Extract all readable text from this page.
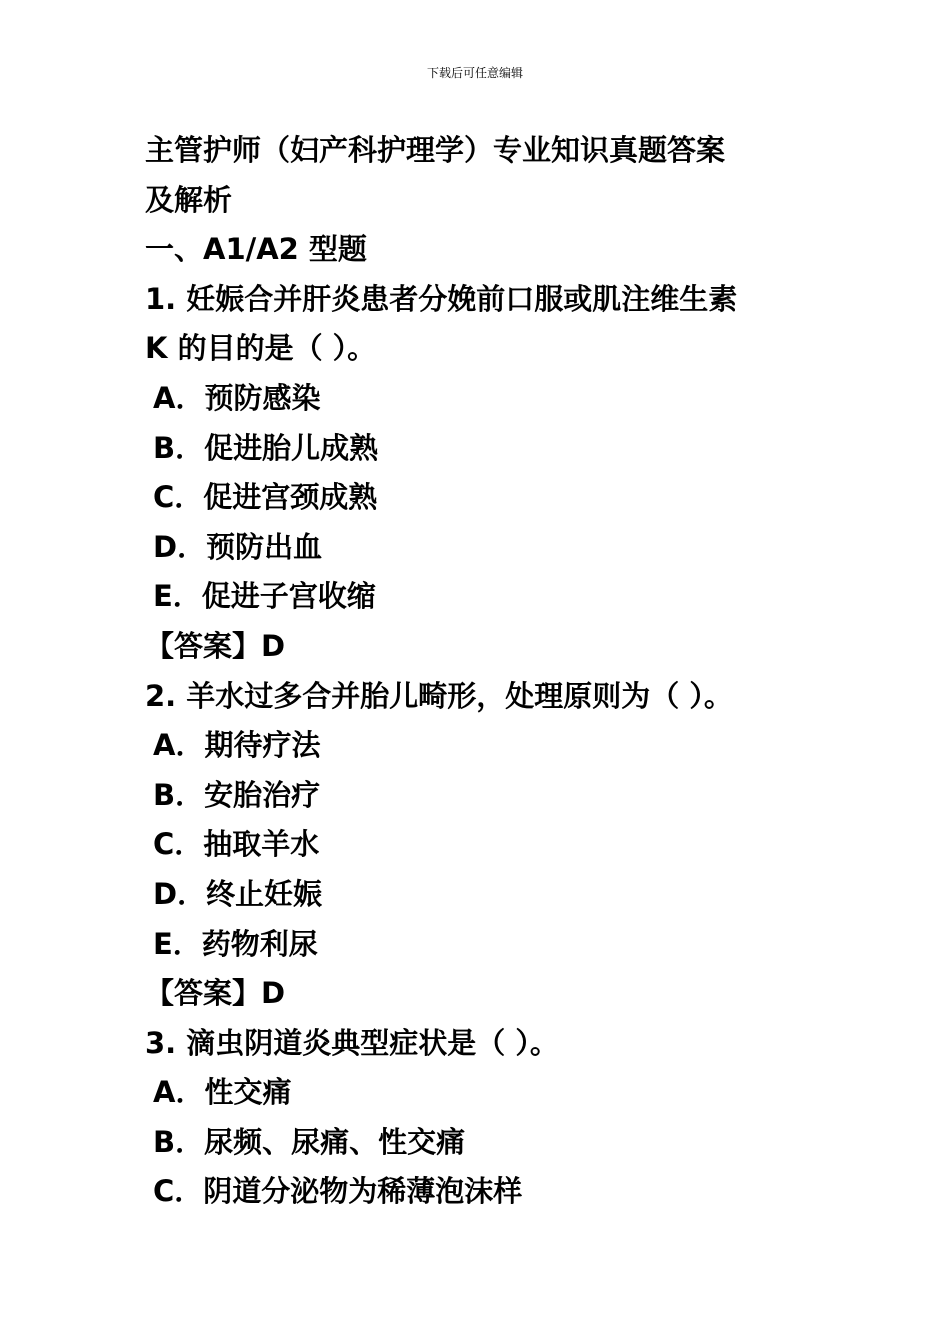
下载后可任意编辑
主管护师（妇产科护理学）专业知识真题答案
及解析
一、A1/A2 型题
1. 妊娠合并肝炎患者分娩前口服或肌注维生素
K 的目的是（ ）。
A．预防感染
B．促进胎儿成熟
C．促进宫颈成熟
D．预防出血
E．促进子宫收缩
【答案】D
2. 羊水过多合并胎儿畸形，处理原则为（ ）。
A．期待疗法
B．安胎治疗
C．抽取羊水
D．终止妊娠
E．药物利尿
【答案】D
3. 滴虫阴道炎典型症状是（ ）。
A．性交痛
B．尿频、尿痛、性交痛
C．阴道分泌物为稀薄泡沫样
